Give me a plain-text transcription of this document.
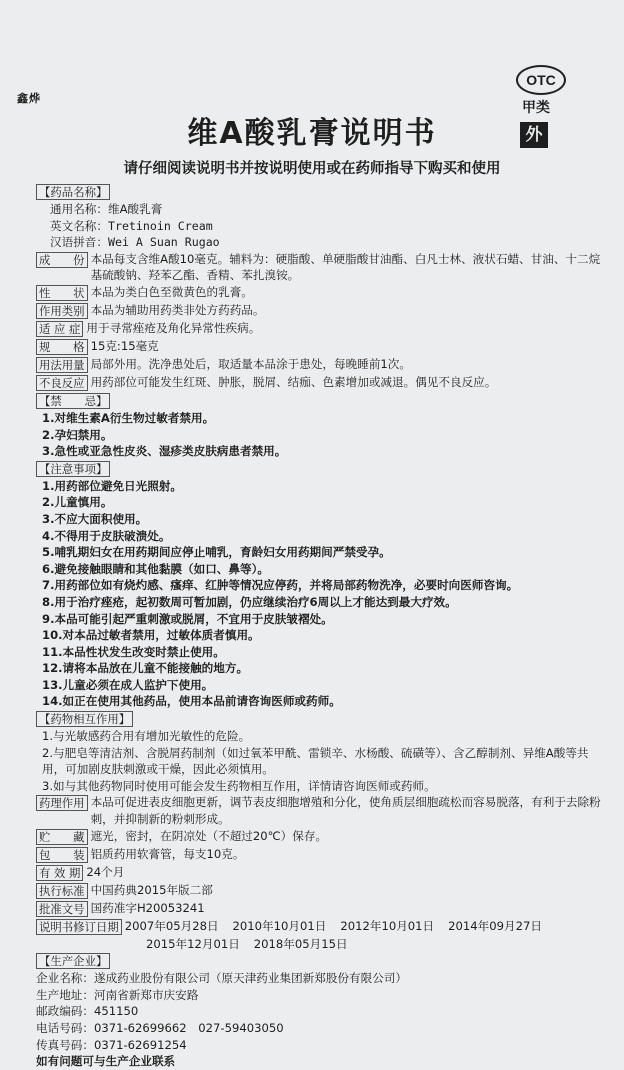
鑫烨
OTC
甲类
外
维A酸乳膏说明书
请仔细阅读说明书并按说明使用或在药师指导下购买和使用
【药品名称】
通用名称：维A酸乳膏
英文名称：Tretinoin Cream
汉语拼音：Wei A Suan Rugao
成　　份 本品每支含维A酸10毫克。辅料为：硬脂酸、单硬脂酸甘油酯、白凡士林、液状石蜡、甘油、十二烷基硫酸钠、羟苯乙酯、香精、苯扎溴铵。
性　　状 本品为类白色至微黄色的乳膏。
作用类别 本品为辅助用药类非处方药药品。
适 应 症 用于寻常痤疮及角化异常性疾病。
规　　格 15克:15毫克
用法用量 局部外用。洗净患处后，取适量本品涂于患处，每晚睡前1次。
不良反应 用药部位可能发生红斑、肿胀，脱屑、结痂、色素增加或减退。偶见不良反应。
【禁　　忌】
1.对维生素A衍生物过敏者禁用。
2.孕妇禁用。
3.急性或亚急性皮炎、湿疹类皮肤病患者禁用。
【注意事项】
1.用药部位避免日光照射。
2.儿童慎用。
3.不应大面积使用。
4.不得用于皮肤破溃处。
5.哺乳期妇女在用药期间应停止哺乳，育龄妇女用药期间严禁受孕。
6.避免接触眼睛和其他黏膜（如口、鼻等）。
7.用药部位如有烧灼感、瘙痒、红肿等情况应停药，并将局部药物洗净，必要时向医师咨询。
8.用于治疗痤疮，起初数周可暂加剧，仍应继续治疗6周以上才能达到最大疗效。
9.本品可能引起严重刺激或脱屑，不宜用于皮肤皱褶处。
10.对本品过敏者禁用，过敏体质者慎用。
11.本品性状发生改变时禁止使用。
12.请将本品放在儿童不能接触的地方。
13.儿童必须在成人监护下使用。
14.如正在使用其他药品，使用本品前请咨询医师或药师。
【药物相互作用】
1.与光敏感药合用有增加光敏性的危险。
2.与肥皂等清洁剂、含脱屑药制剂（如过氧苯甲酰、雷锁辛、水杨酸、硫磺等）、含乙醇制剂、异维A酸等共用，可加剧皮肤刺激或干燥，因此必须慎用。
3.如与其他药物同时使用可能会发生药物相互作用，详情请咨询医师或药师。
药理作用 本品可促进表皮细胞更新，调节表皮细胞增殖和分化，使角质层细胞疏松而容易脱落，有利于去除粉刺，并抑制新的粉刺形成。
贮　　藏 遮光，密封，在阴凉处（不超过20℃）保存。
包　　装 铝质药用软膏管，每支10克。
有 效 期 24个月
执行标准 中国药典2015年版二部
批准文号 国药准字H20053241
说明书修订日期 2007年05月28日 2010年10月01日 2012年10月01日 2014年09月27日
2015年12月01日 2018年05月15日
【生产企业】
企业名称：遂成药业股份有限公司（原天津药业集团新郑股份有限公司）
生产地址：河南省新郑市庆安路
邮政编码：451150
电话号码：0371-62699662　027-59403050
传真号码：0371-62691254
如有问题可与生产企业联系
